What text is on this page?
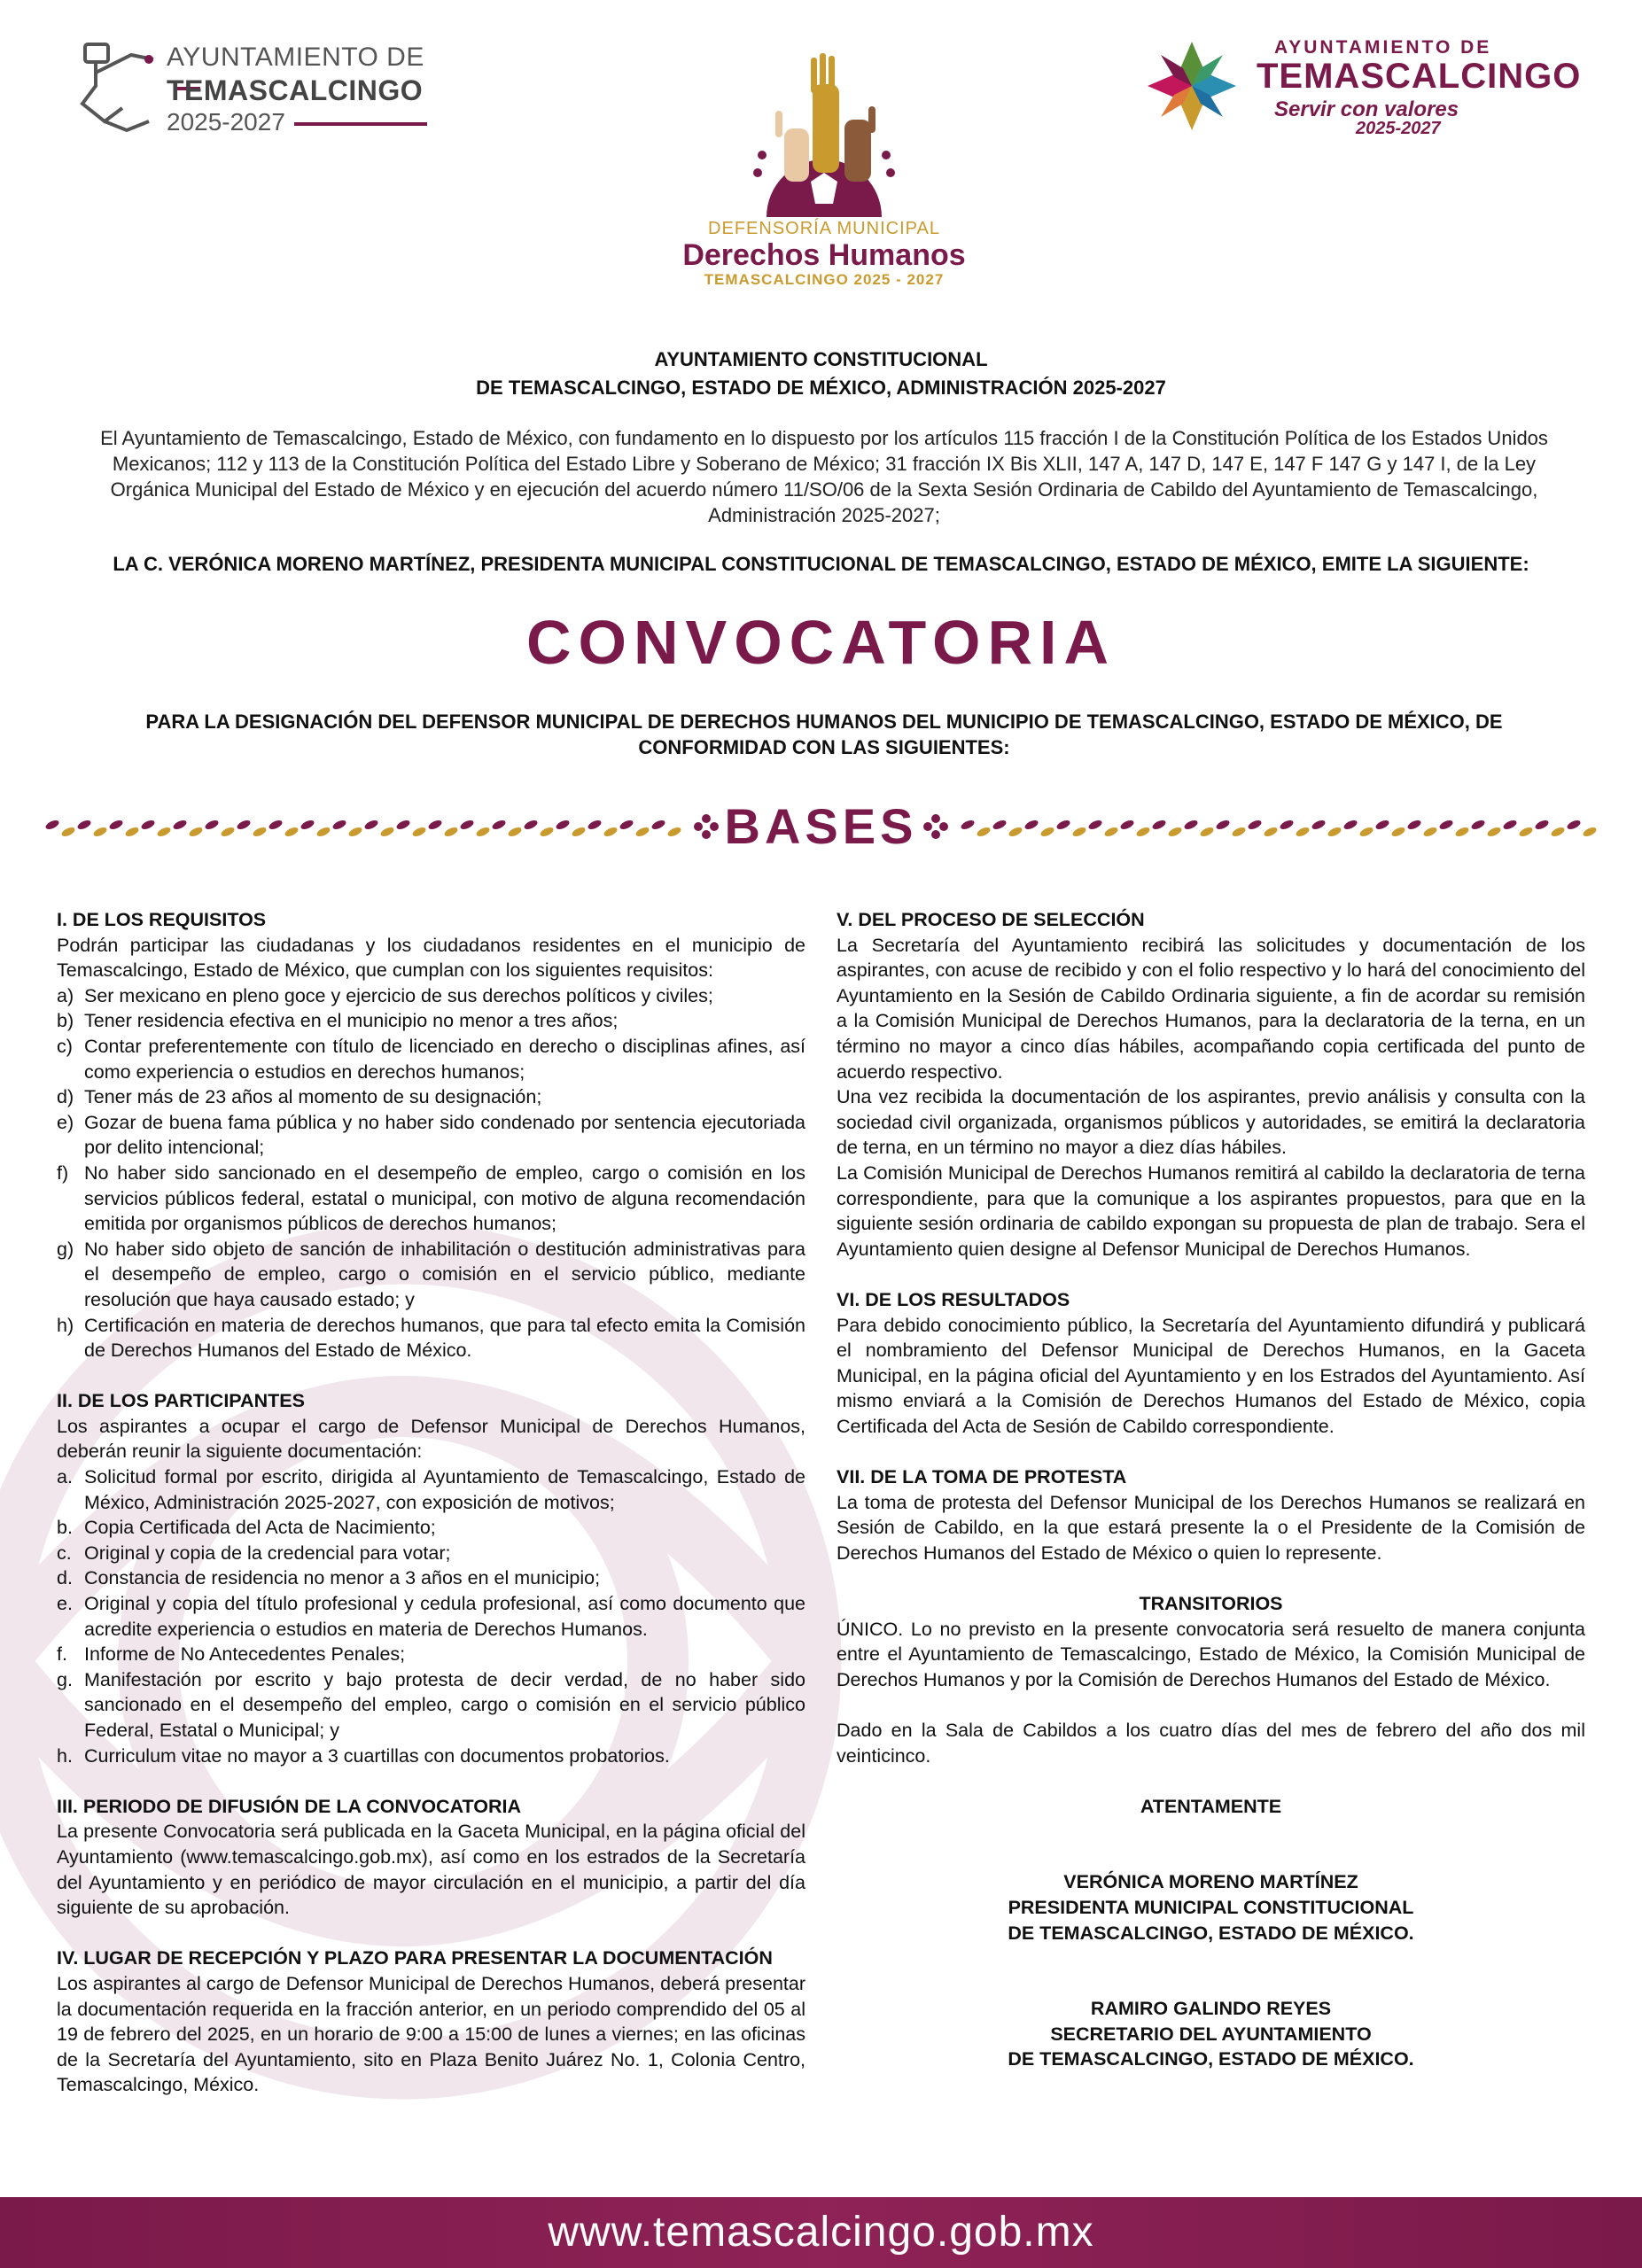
AYUNTAMIENTO DE
TEMASCALCINGO
2025-2027
DEFENSORÍA MUNICIPAL
Derechos Humanos
TEMASCALCINGO 2025 - 2027
AYUNTAMIENTO DE
TEMASCALCINGO
Servir con valores
2025-2027
AYUNTAMIENTO CONSTITUCIONAL
DE TEMASCALCINGO, ESTADO DE MÉXICO, ADMINISTRACIÓN 2025-2027
El Ayuntamiento de Temascalcingo, Estado de México, con fundamento en lo dispuesto por los artículos 115 fracción I de la Constitución Política de los Estados Unidos Mexicanos; 112 y 113 de la Constitución Política del Estado Libre y Soberano de México; 31 fracción IX Bis XLII, 147 A, 147 D, 147 E, 147 F 147 G y 147 I, de la Ley Orgánica Municipal del Estado de México y en ejecución del acuerdo número 11/SO/06 de la Sexta Sesión Ordinaria de Cabildo del Ayuntamiento de Temascalcingo, Administración 2025-2027;
LA C. VERÓNICA MORENO MARTÍNEZ, PRESIDENTA MUNICIPAL CONSTITUCIONAL DE TEMASCALCINGO, ESTADO DE MÉXICO, EMITE LA SIGUIENTE:
CONVOCATORIA
PARA LA DESIGNACIÓN DEL DEFENSOR MUNICIPAL DE DERECHOS HUMANOS DEL MUNICIPIO DE TEMASCALCINGO, ESTADO DE MÉXICO, DE CONFORMIDAD CON LAS SIGUIENTES:
BASES
I. DE LOS REQUISITOS
Podrán participar las ciudadanas y los ciudadanos residentes en el municipio de Temascalcingo, Estado de México, que cumplan con los siguientes requisitos:
a) Ser mexicano en pleno goce y ejercicio de sus derechos políticos y civiles;
b) Tener residencia efectiva en el municipio no menor a tres años;
c) Contar preferentemente con título de licenciado en derecho o disciplinas afines, así como experiencia o estudios en derechos humanos;
d) Tener más de 23 años al momento de su designación;
e) Gozar de buena fama pública y no haber sido condenado por sentencia ejecutoriada por delito intencional;
f) No haber sido sancionado en el desempeño de empleo, cargo o comisión en los servicios públicos federal, estatal o municipal, con motivo de alguna recomendación emitida por organismos públicos de derechos humanos;
g) No haber sido objeto de sanción de inhabilitación o destitución administrativas para el desempeño de empleo, cargo o comisión en el servicio público, mediante resolución que haya causado estado; y
h) Certificación en materia de derechos humanos, que para tal efecto emita la Comisión de Derechos Humanos del Estado de México.
II. DE LOS PARTICIPANTES
Los aspirantes a ocupar el cargo de Defensor Municipal de Derechos Humanos, deberán reunir la siguiente documentación:
a. Solicitud formal por escrito, dirigida al Ayuntamiento de Temascalcingo, Estado de México, Administración 2025-2027, con exposición de motivos;
b. Copia Certificada del Acta de Nacimiento;
c. Original y copia de la credencial para votar;
d. Constancia de residencia no menor a 3 años en el municipio;
e. Original y copia del título profesional y cedula profesional, así como documento que acredite experiencia o estudios en materia de Derechos Humanos.
f. Informe de No Antecedentes Penales;
g. Manifestación por escrito y bajo protesta de decir verdad, de no haber sido sancionado en el desempeño del empleo, cargo o comisión en el servicio público Federal, Estatal o Municipal; y
h. Curriculum vitae no mayor a 3 cuartillas con documentos probatorios.
III. PERIODO DE DIFUSIÓN DE LA CONVOCATORIA
La presente Convocatoria será publicada en la Gaceta Municipal, en la página oficial del Ayuntamiento (www.temascalcingo.gob.mx), así como en los estrados de la Secretaría del Ayuntamiento y en periódico de mayor circulación en el municipio, a partir del día siguiente de su aprobación.
IV. LUGAR DE RECEPCIÓN Y PLAZO PARA PRESENTAR LA DOCUMENTACIÓN
Los aspirantes al cargo de Defensor Municipal de Derechos Humanos, deberá presentar la documentación requerida en la fracción anterior, en un periodo comprendido del 05 al 19 de febrero del 2025, en un horario de 9:00 a 15:00 de lunes a viernes; en las oficinas de la Secretaría del Ayuntamiento, sito en Plaza Benito Juárez No. 1, Colonia Centro, Temascalcingo, México.
V. DEL PROCESO DE SELECCIÓN
La Secretaría del Ayuntamiento recibirá las solicitudes y documentación de los aspirantes, con acuse de recibido y con el folio respectivo y lo hará del conocimiento del Ayuntamiento en la Sesión de Cabildo Ordinaria siguiente, a fin de acordar su remisión a la Comisión Municipal de Derechos Humanos, para la declaratoria de la terna, en un término no mayor a cinco días hábiles, acompañando copia certificada del punto de acuerdo respectivo.
Una vez recibida la documentación de los aspirantes, previo análisis y consulta con la sociedad civil organizada, organismos públicos y autoridades, se emitirá la declaratoria de terna, en un término no mayor a diez días hábiles.
La Comisión Municipal de Derechos Humanos remitirá al cabildo la declaratoria de terna correspondiente, para que la comunique a los aspirantes propuestos, para que en la siguiente sesión ordinaria de cabildo expongan su propuesta de plan de trabajo. Sera el Ayuntamiento quien designe al Defensor Municipal de Derechos Humanos.
VI. DE LOS RESULTADOS
Para debido conocimiento público, la Secretaría del Ayuntamiento difundirá y publicará el nombramiento del Defensor Municipal de Derechos Humanos, en la Gaceta Municipal, en la página oficial del Ayuntamiento y en los Estrados del Ayuntamiento. Así mismo enviará a la Comisión de Derechos Humanos del Estado de México, copia Certificada del Acta de Sesión de Cabildo correspondiente.
VII. DE LA TOMA DE PROTESTA
La toma de protesta del Defensor Municipal de los Derechos Humanos se realizará en Sesión de Cabildo, en la que estará presente la o el Presidente de la Comisión de Derechos Humanos del Estado de México o quien lo represente.
TRANSITORIOS
ÚNICO. Lo no previsto en la presente convocatoria será resuelto de manera conjunta entre el Ayuntamiento de Temascalcingo, Estado de México, la Comisión Municipal de Derechos Humanos y por la Comisión de Derechos Humanos del Estado de México.
Dado en la Sala de Cabildos a los cuatro días del mes de febrero del año dos mil veinticinco.
ATENTAMENTE
VERÓNICA MORENO MARTÍNEZ
PRESIDENTA MUNICIPAL CONSTITUCIONAL
DE TEMASCALCINGO, ESTADO DE MÉXICO.
RAMIRO GALINDO REYES
SECRETARIO DEL AYUNTAMIENTO
DE TEMASCALCINGO, ESTADO DE MÉXICO.
www.temascalcingo.gob.mx
